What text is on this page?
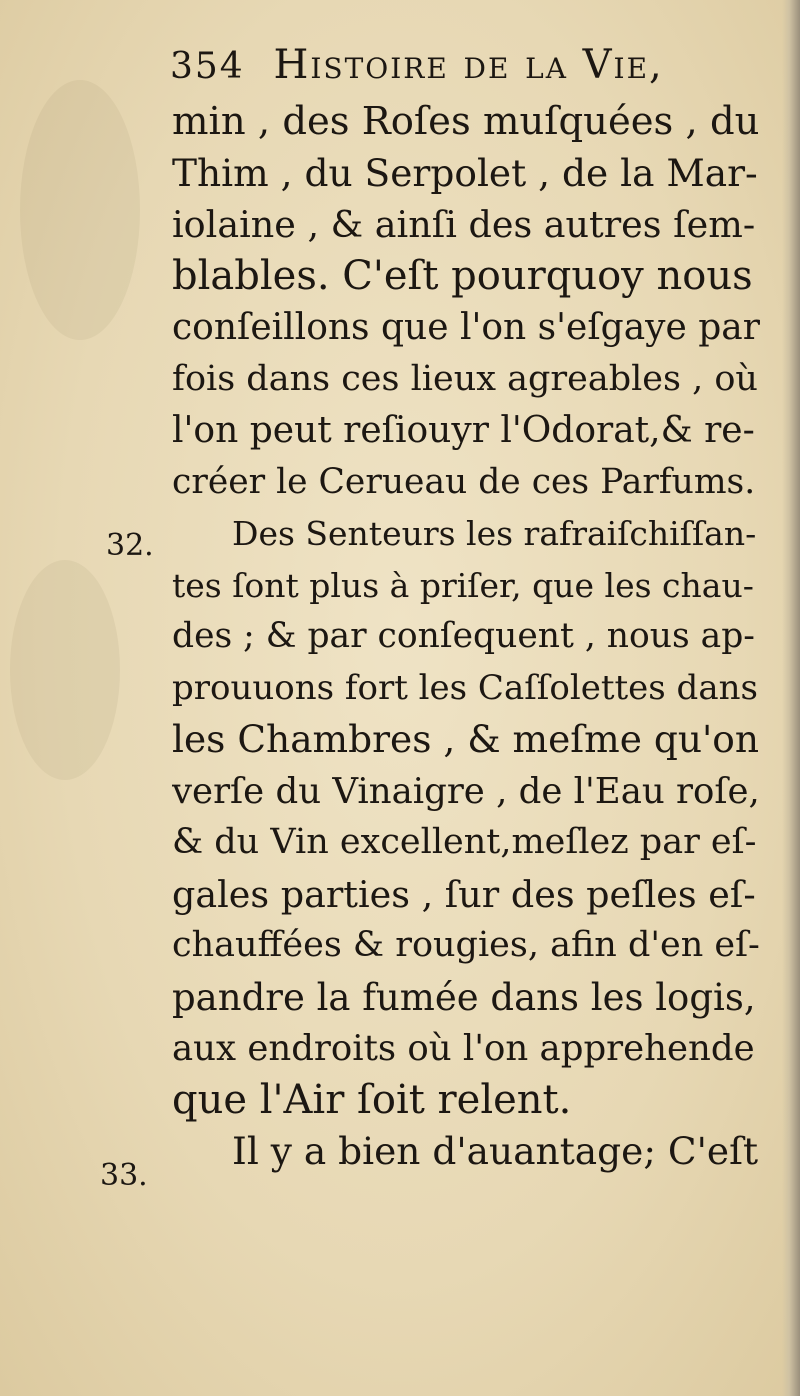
354 Histoire de la Vie,
32.
33.
min , des Roſes muſquées , du
Thim , du Serpolet , de la Mar-
iolaine , & ainſi des autres ſem-
blables. C'eſt pourquoy nous
conſeillons que l'on s'eſgaye par
fois dans ces lieux agreables , où
l'on peut reſiouyr l'Odorat,& re-
créer le Cerueau de ces Parfums.
Des Senteurs les rafraiſchiſſan-
tes ſont plus à priſer, que les chau-
des ; & par conſequent , nous ap-
prouuons fort les Caſſolettes dans
les Chambres , & meſme qu'on
verſe du Vinaigre , de l'Eau roſe,
& du Vin excellent,meſlez par eſ-
gales parties , ſur des peſles eſ-
chauffées & rougies, afin d'en eſ-
pandre la fumée dans les logis,
aux endroits où l'on apprehende
que l'Air ſoit relent.
Il y a bien d'auantage; C'eſt
